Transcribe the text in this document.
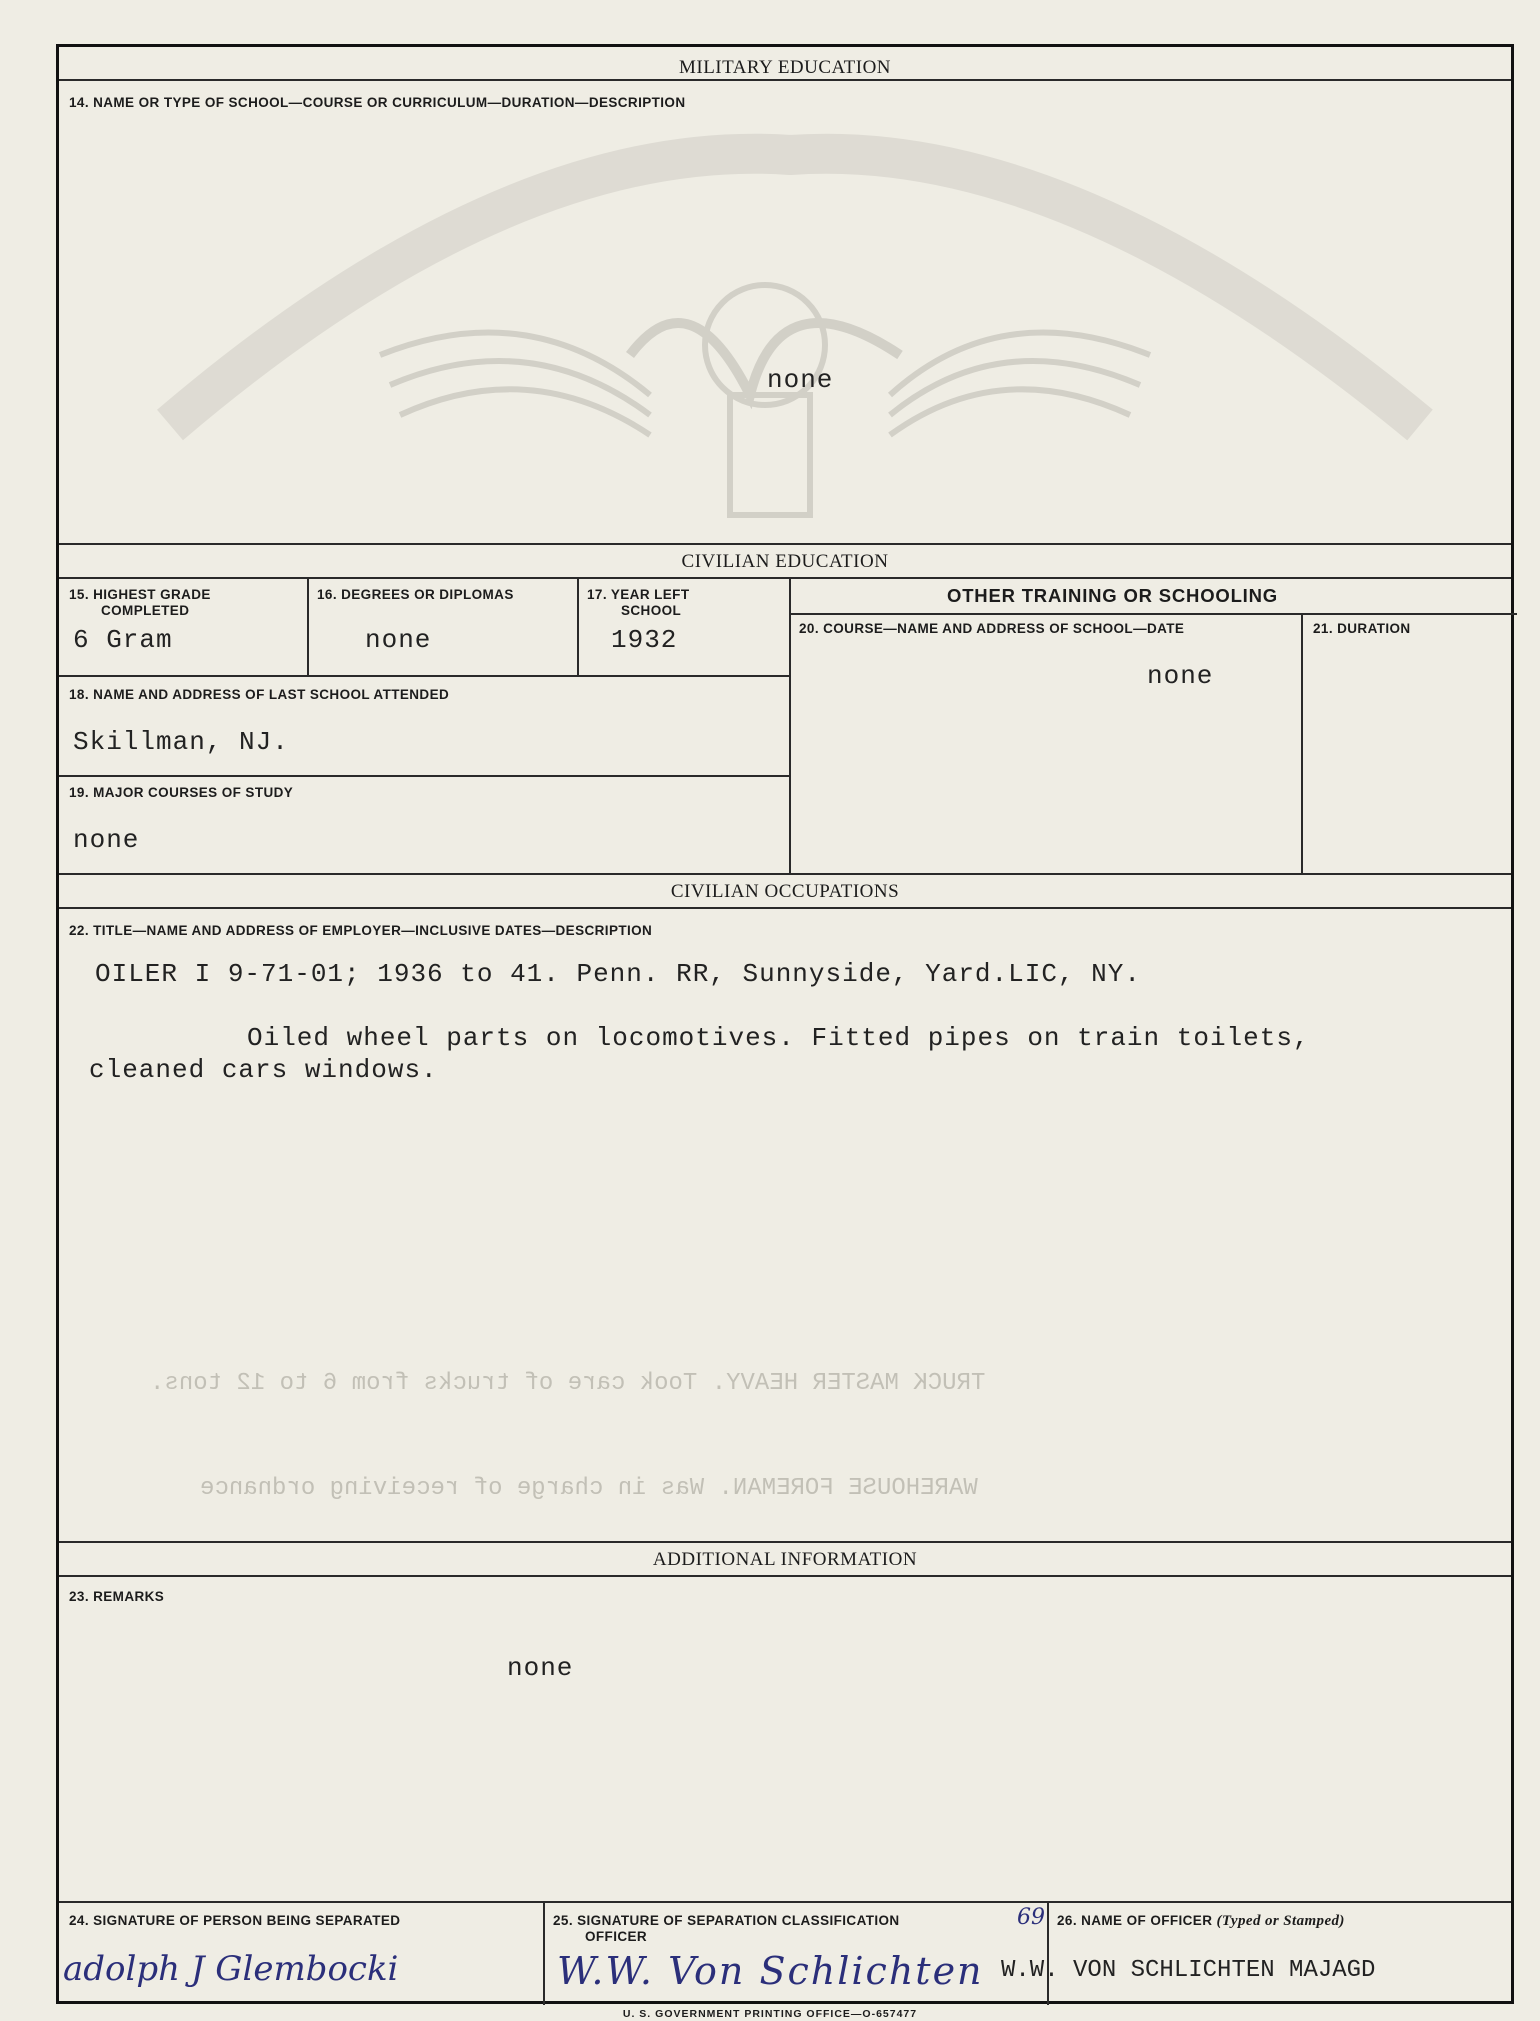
TRUCK MASTER HEAVY. Took care of trucks from 6 to 12 tons.
WAREHOUSE FOREMAN. Was in charge of receiving ordnance
MILITARY EDUCATION
14. NAME OR TYPE OF SCHOOL—COURSE OR CURRICULUM—DURATION—DESCRIPTION
none
CIVILIAN EDUCATION
15. HIGHEST GRADE
COMPLETED
6 Gram
16. DEGREES OR DIPLOMAS
none
17. YEAR LEFT
SCHOOL
1932
OTHER TRAINING OR SCHOOLING
20. COURSE—NAME AND ADDRESS OF SCHOOL—DATE
none
21. DURATION
18. NAME AND ADDRESS OF LAST SCHOOL ATTENDED
Skillman, NJ.
19. MAJOR COURSES OF STUDY
none
CIVILIAN OCCUPATIONS
22. TITLE—NAME AND ADDRESS OF EMPLOYER—INCLUSIVE DATES—DESCRIPTION
OILER I 9-71-01; 1936 to 41. Penn. RR, Sunnyside, Yard.LIC, NY.
Oiled wheel parts on locomotives. Fitted pipes on train toilets,
cleaned cars windows.
ADDITIONAL INFORMATION
23. REMARKS
none
24. SIGNATURE OF PERSON BEING SEPARATED
adolph J Glembocki
25. SIGNATURE OF SEPARATION CLASSIFICATION
OFFICER
69
W.W. Von Schlichten
26. NAME OF OFFICER (Typed or Stamped)
W.W. VON SCHLICHTEN MAJAGD
U. S. GOVERNMENT PRINTING OFFICE—O-657477
